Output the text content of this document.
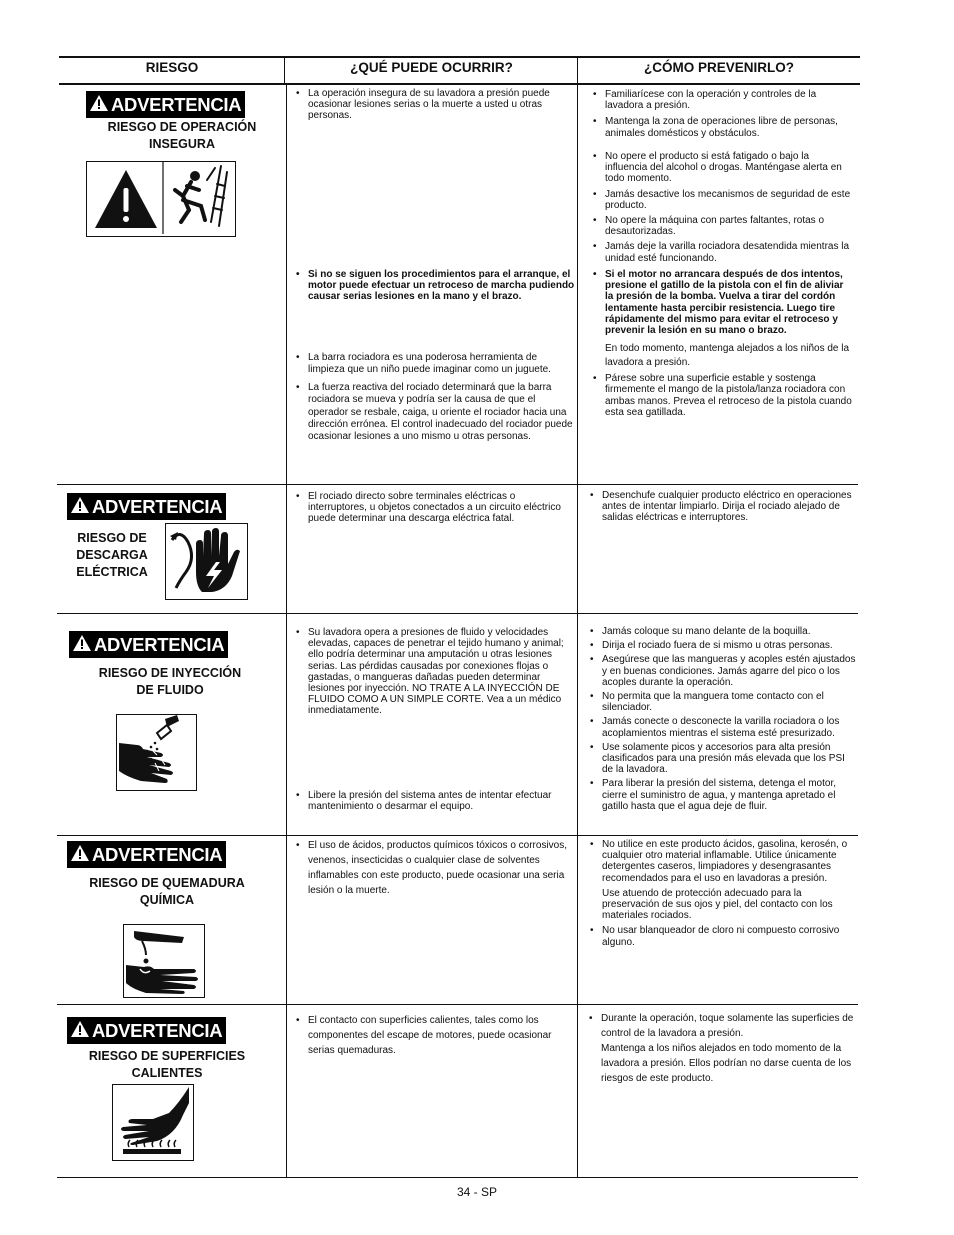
RIESGO	¿QUÉ PUEDE OCURRIR?	¿CÓMO PREVENIRLO?
ADVERTENCIA
RIESGO DE OPERACIÓN
INSEGURA

• La operación insegura de su lavadora a presión puede ocasionar lesiones serias o la muerte a usted u otras personas.

• Si no se siguen los procedimientos para el arranque, el motor puede efectuar un retroceso de marcha pudiendo causar serias lesiones en la mano y el brazo.

• La barra rociadora es una poderosa herramienta de limpieza que un niño puede imaginar como un juguete.

• La fuerza reactiva del rociado determinará que la barra rociadora se mueva y podría ser la causa de que el operador se resbale, caiga, u oriente el rociador hacia una dirección errónea. El control inadecuado del rociador puede ocasionar lesiones a uno mismo u otras personas.

• Familiarícese con la operación y controles de la lavadora a presión.

• Mantenga la zona de operaciones libre de personas, animales domésticos y obstáculos.

• No opere el producto si está fatigado o bajo la influencia del alcohol o drogas. Manténgase alerta en todo momento.

• Jamás desactive los mecanismos de seguridad de este producto.

• No opere la máquina con partes faltantes, rotas o desautorizadas.

• Jamás deje la varilla rociadora desatendida mientras la unidad esté funcionando.

• Si el motor no arrancara después de dos intentos, presione el gatillo de la pistola con el fin de aliviar la presión de la bomba. Vuelva a tirar del cordón lentamente hasta percibir resistencia. Luego tire rápidamente del mismo para evitar el retroceso y prevenir la lesión en su mano o brazo.

En todo momento, mantenga alejados a los niños de la lavadora a presión.

• Párese sobre una superficie estable y sostenga firmemente el mango de la pistola/lanza rociadora con ambas manos. Prevea el retroceso de la pistola cuando esta sea gatillada.

ADVERTENCIA
RIESGO DE
DESCARGA
ELÉCTRICA

• El rociado directo sobre terminales eléctricas o interruptores, u objetos conectados a un circuito eléctrico puede determinar una descarga eléctrica fatal.

• Desenchufe cualquier producto eléctrico en operaciones antes de intentar limpiarlo. Dirija el rociado alejado de salidas eléctricas e interruptores.

ADVERTENCIA
RIESGO DE INYECCIÓN
DE FLUIDO

• Su lavadora opera a presiones de fluido y velocidades elevadas, capaces de penetrar el tejido humano y animal; ello podría determinar una amputación u otras lesiones serias. Las pérdidas causadas por conexiones flojas o gastadas, o mangueras dañadas pueden determinar lesiones por inyección. NO TRATE A LA INYECCIÓN DE FLUIDO COMO A UN SIMPLE CORTE. Vea a un médico inmediatamente.

• Libere la presión del sistema antes de intentar efectuar mantenimiento o desarmar el equipo.

• Jamás coloque su mano delante de la boquilla.

• Dirija el rociado fuera de si mismo u otras personas.

• Asegúrese que las mangueras y acoples estén ajustados y en buenas condiciones. Jamás agarre del pico o los acoples durante la operación.

• No permita que la manguera tome contacto con el silenciador.

• Jamás conecte o desconecte la varilla rociadora o los acoplamientos mientras el sistema esté presurizado.

• Use solamente picos y accesorios para alta presión clasificados para una presión más elevada que los PSI de la lavadora.

• Para liberar la presión del sistema, detenga el motor, cierre el suministro de agua, y mantenga apretado el gatillo hasta que el agua deje de fluir.

ADVERTENCIA
RIESGO DE QUEMADURA
QUÍMICA

• El uso de ácidos, productos químicos tóxicos o corrosivos, venenos, insecticidas o cualquier clase de solventes inflamables con este producto, puede ocasionar una seria lesión o la muerte.

• No utilice en este producto ácidos, gasolina, kerosén, o cualquier otro material inflamable. Utilice únicamente detergentes caseros, limpiadores y desengrasantes recomendados para el uso en lavadoras a presión.

Use atuendo de protección adecuado para la preservación de sus ojos y piel, del contacto con los materiales rociados.

• No usar blanqueador de cloro ni compuesto corrosivo alguno.

ADVERTENCIA
RIESGO DE SUPERFICIES
CALIENTES

• El contacto con superficies calientes, tales como los componentes del escape de motores, puede ocasionar serias quemaduras.

• Durante la operación, toque solamente las superficies de control de la lavadora a presión.

Mantenga a los niños alejados en todo momento de la lavadora a presión. Ellos podrían no darse cuenta de los riesgos de este producto.

34 - SP
